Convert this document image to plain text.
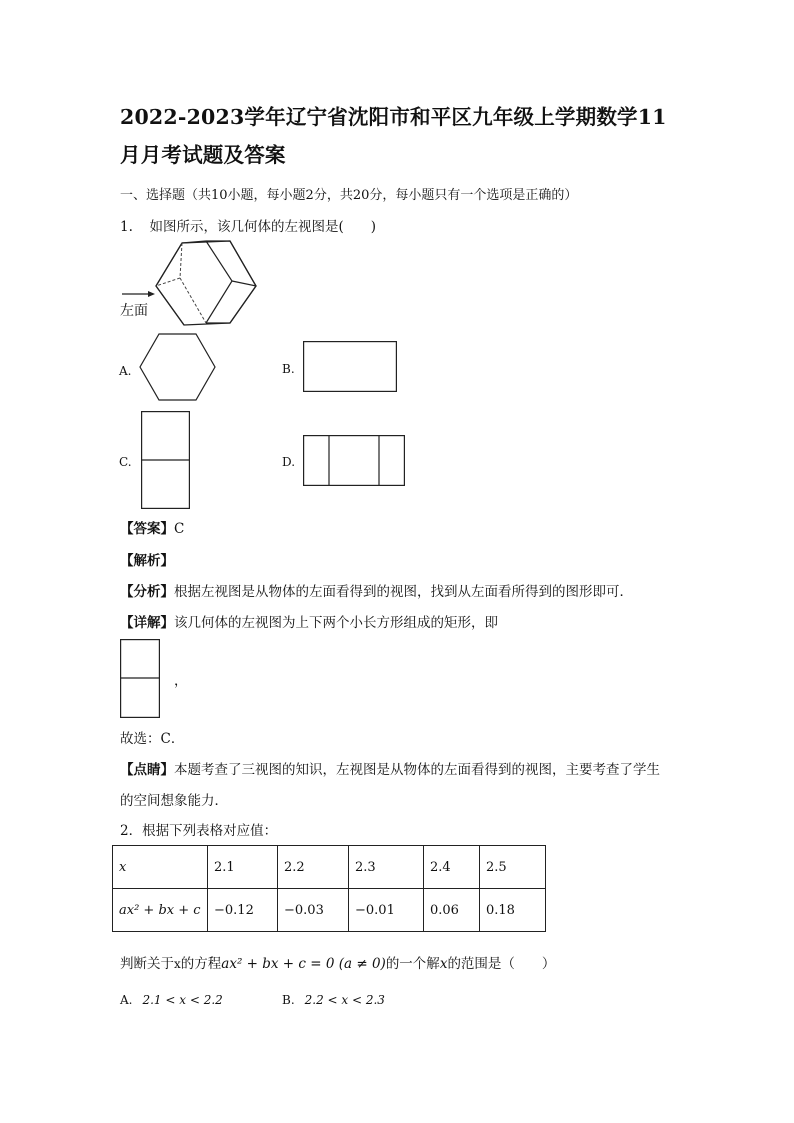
2022-2023学年辽宁省沈阳市和平区九年级上学期数学11月月考试题及答案
一、选择题（共10小题，每小题2分，共20分，每小题只有一个选项是正确的）
1. 如图所示，该几何体的左视图是(　　)
左面
A.	B.
C.	D.
【答案】C
【解析】
【分析】根据左视图是从物体的左面看得到的视图，找到从左面看所得到的图形即可．
【详解】该几何体的左视图为上下两个小长方形组成的矩形，即
，
故选：C．
【点睛】本题考查了三视图的知识，左视图是从物体的左面看得到的视图，主要考查了学生
的空间想象能力．
2．根据下列表格对应值：
x	2.1	2.2	2.3	2.4	2.5
ax² + bx + c	−0.12	−0.03	−0.01	0.06	0.18
判断关于x的方程ax² + bx + c = 0 (a ≠ 0)的一个解x的范围是（　　）
A. 2.1 < x < 2.2	B. 2.2 < x < 2.3
